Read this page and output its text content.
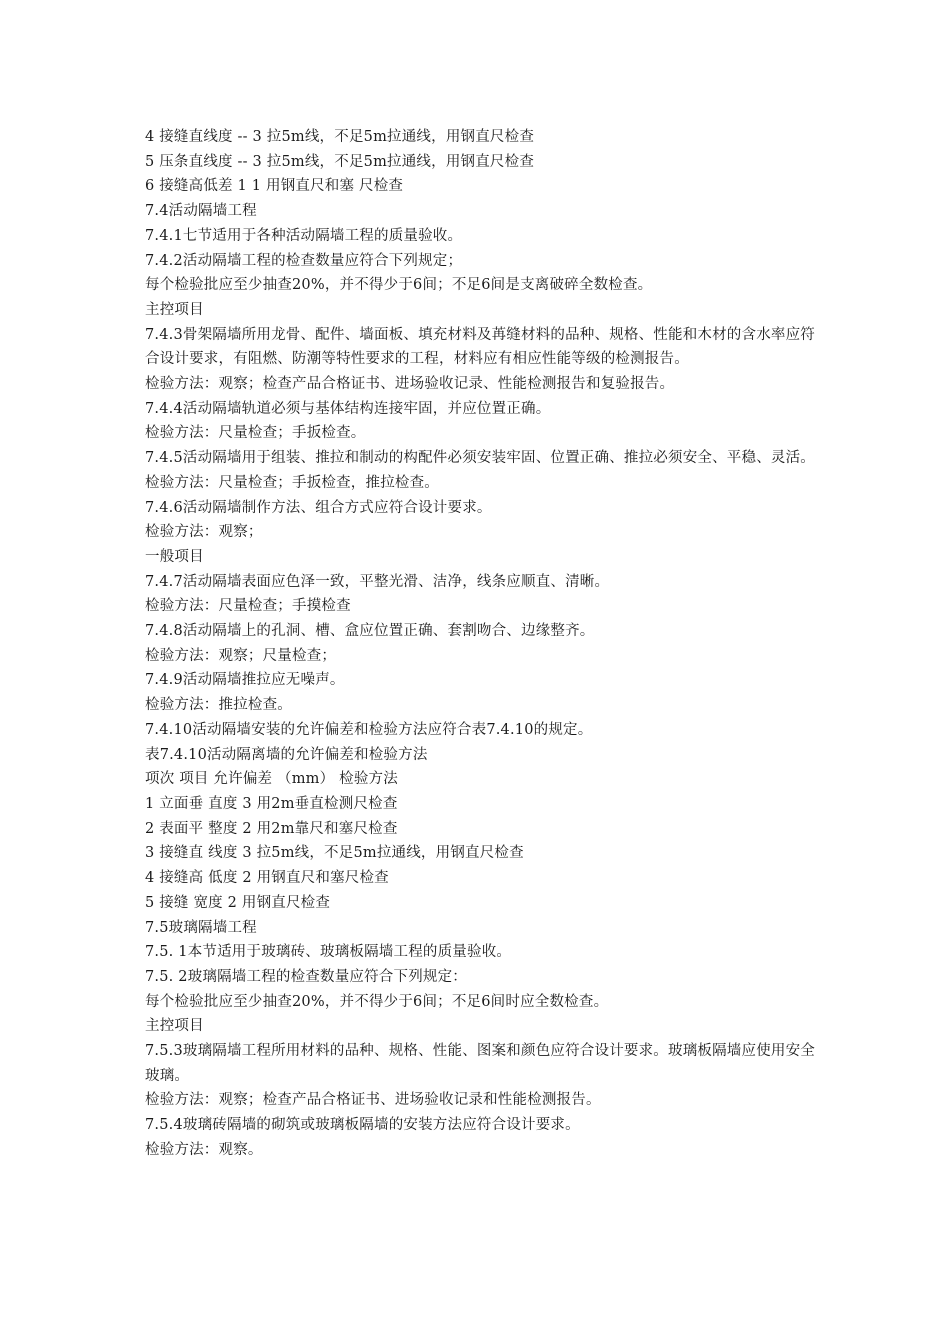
4 接缝直线度 -- 3 拉5m线，不足5m拉通线，用钢直尺检查

5 压条直线度 -- 3 拉5m线，不足5m拉通线，用钢直尺检查

6 接缝高低差 1 1 用钢直尺和塞 尺检查

7.4活动隔墙工程

7.4.1七节适用于各种活动隔墙工程的质量验收。

7.4.2活动隔墙工程的检查数量应符合下列规定；

每个检验批应至少抽查20%，并不得少于6间；不足6间是支离破碎全数检查。

主控项目

7.4.3骨架隔墙所用龙骨、配件、墙面板、填充材料及苒缝材料的品种、规格、性能和木材的含水率应符合设计要求，有阻燃、防潮等特性要求的工程，材料应有相应性能等级的检测报告。

检验方法：观察；检查产品合格证书、进场验收记录、性能检测报告和复验报告。

7.4.4活动隔墙轨道必须与基体结构连接牢固，并应位置正确。

检验方法：尺量检查；手扳检查。

7.4.5活动隔墙用于组装、推拉和制动的构配件必须安装牢固、位置正确、推拉必须安全、平稳、灵活。

检验方法：尺量检查；手扳检查，推拉检查。

7.4.6活动隔墙制作方法、组合方式应符合设计要求。

检验方法：观察；

一般项目

7.4.7活动隔墙表面应色泽一致，平整光滑、洁净，线条应顺直、清晰。

检验方法：尺量检查；手摸检查

7.4.8活动隔墙上的孔洞、槽、盒应位置正确、套割吻合、边缘整齐。

检验方法：观察；尺量检查；

7.4.9活动隔墙推拉应无噪声。

检验方法：推拉检查。

7.4.10活动隔墙安装的允许偏差和检验方法应符合表7.4.10的规定。

表7.4.10活动隔离墙的允许偏差和检验方法

项次 项目 允许偏差 （mm） 检验方法

1 立面垂 直度 3 用2m垂直检测尺检查

2 表面平 整度 2 用2m靠尺和塞尺检查

3 接缝直 线度 3 拉5m线，不足5m拉通线，用钢直尺检查

4 接缝高 低度 2 用钢直尺和塞尺检查

5 接缝 宽度 2 用钢直尺检查

7.5玻璃隔墙工程

7.5. 1本节适用于玻璃砖、玻璃板隔墙工程的质量验收。

7.5. 2玻璃隔墙工程的检查数量应符合下列规定：

每个检验批应至少抽查20%，并不得少于6间；不足6间时应全数检查。

主控项目

7.5.3玻璃隔墙工程所用材料的品种、规格、性能、图案和颜色应符合设计要求。玻璃板隔墙应使用安全玻璃。

检验方法：观察；检查产品合格证书、进场验收记录和性能检测报告。

7.5.4玻璃砖隔墙的砌筑或玻璃板隔墙的安装方法应符合设计要求。

检验方法：观察。
